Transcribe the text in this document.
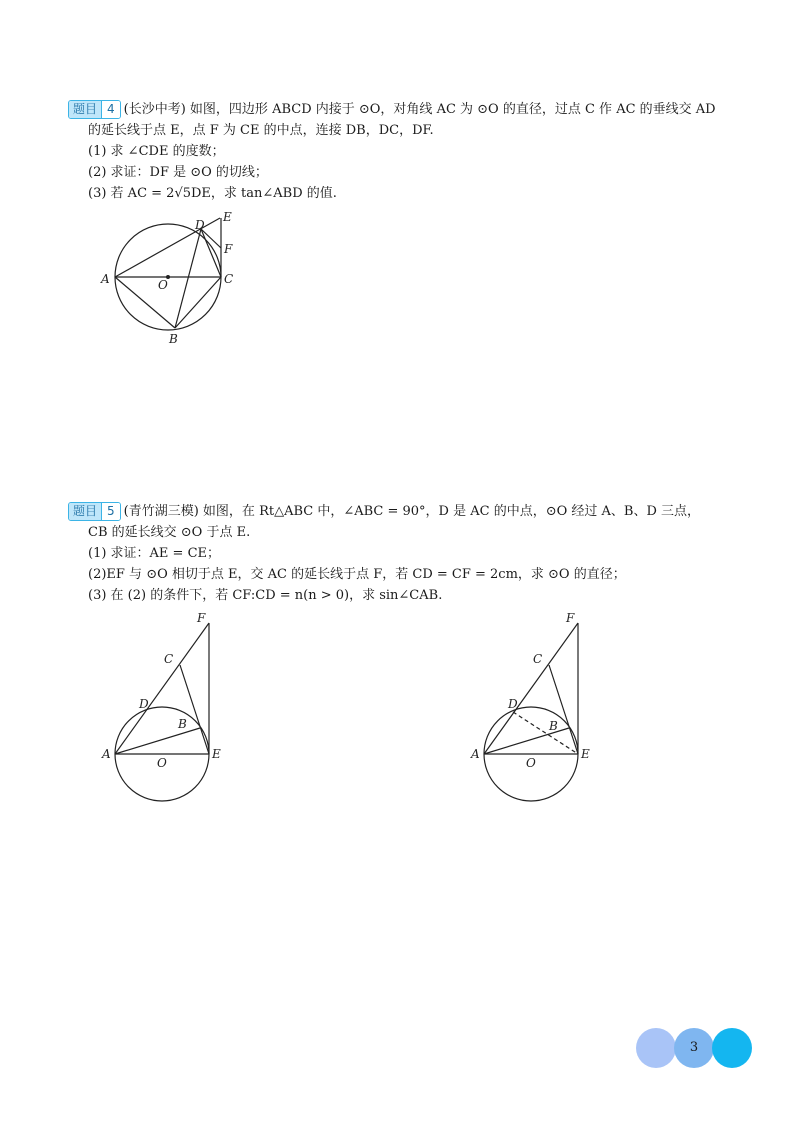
题目 4 (长沙中考) 如图，四边形 ABCD 内接于 ⊙O，对角线 AC 为 ⊙O 的直径，过点 C 作 AC 的垂线交 AD
的延长线于点 E，点 F 为 CE 的中点，连接 DB，DC，DF.
(1) 求 ∠CDE 的度数；
(2) 求证：DF 是 ⊙O 的切线；
(3) 若 AC = 2√5DE，求 tan∠ABD 的值.
A	O	C
D
E
F
B
题目 5 (青竹湖三模) 如图，在 Rt△ABC 中，∠ABC = 90°，D 是 AC 的中点，⊙O 经过 A、B、D 三点，
CB 的延长线交 ⊙O 于点 E.
(1) 求证：AE = CE；
(2)EF 与 ⊙O 相切于点 E，交 AC 的延长线于点 F，若 CD = CF = 2cm，求 ⊙O 的直径；
(3) 在 (2) 的条件下，若 CF:CD = n(n > 0)，求 sin∠CAB.
F
C
D
B
A	E
O
F
C
D
B
A	E
O
3
